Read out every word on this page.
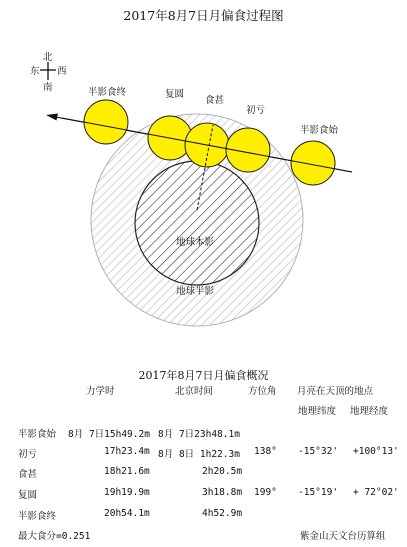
2017年8月7日月偏食过程图
半影食终	复圆
食甚
初亏
半影食始
地球本影
地球半影
北
东 西
南
2017年8月7日月偏食概况
力学时	北京时间	方位角 月亮在天顶的地点
地理纬度 地理经度
半影食始 8月 7日15h49.2m 8月 7日23h48.1m
初亏	17h23.4m 8月 8日 1h22.3m 138° -15°32' +100°13'
食甚	18h21.6m	2h20.5m
复圆	19h19.9m	3h18.8m 199° -15°19' + 72°02'
半影食终	20h54.1m	4h52.9m
最大食分=0.251	紫金山天文台历算组
